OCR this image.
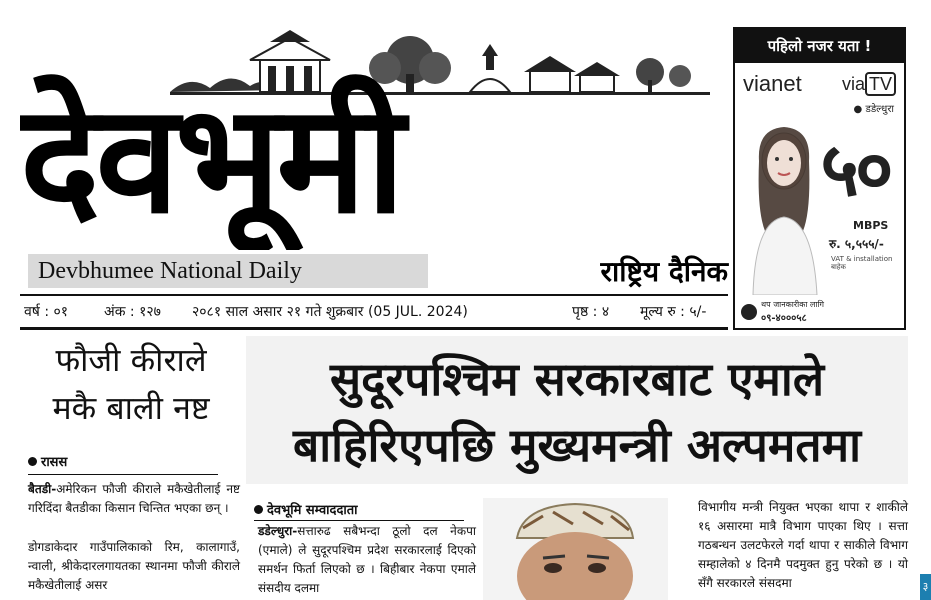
देवभूमी
Devbhumee National Daily	राष्ट्रिय दैनिक
पहिलो नजर यता !
vianet via TV
● डडेल्धुरा
५०
MBPS
रु. ५,५५५/-
VAT & installation बाहेक
थप जानकारीका लागि
०९-४०००५८
वर्ष : ०१	अंक : १२७ २०८१ साल असार २१ गते शुक्रबार (05 JUL. 2024)	पृष्ठ : ४ मूल्य रु : ५/-
फौजी कीराले
मकै बाली नष्ट
रासस
बैतडी-अमेरिकन फौजी कीराले मकैखेतीलाई नष्ट गरिदिंदा बैतडीका किसान चिन्तित भएका छन् ।
डोगडाकेदार गाउँपालिकाको रिम, कालागाउँ, न्वाली, श्रीकेदारलगायतका स्थानमा फौजी कीराले मकैखेतीलाई असर
सुदूरपश्चिम सरकारबाट एमाले
बाहिरिएपछि मुख्यमन्त्री अल्पमतमा
देवभूमि सम्वाददाता
डडेल्धुरा-सत्तारुढ सबैभन्दा ठूलो दल नेकपा (एमाले) ले सुदूरपश्चिम प्रदेश सरकारलाई दिएको समर्थन फिर्ता लिएको छ । बिहीबार नेकपा एमाले संसदीय दलमा
विभागीय मन्त्री नियुक्त भएका थापा र शाकीले १६ असारमा मात्रै विभाग पाएका थिए । सत्ता गठबन्धन उलटफेरले गर्दा थापा र साकीले विभाग सम्हालेको ४ दिनमै पदमुक्त हुनु परेको छ । यो सँगै सरकारले संसदमा	३
